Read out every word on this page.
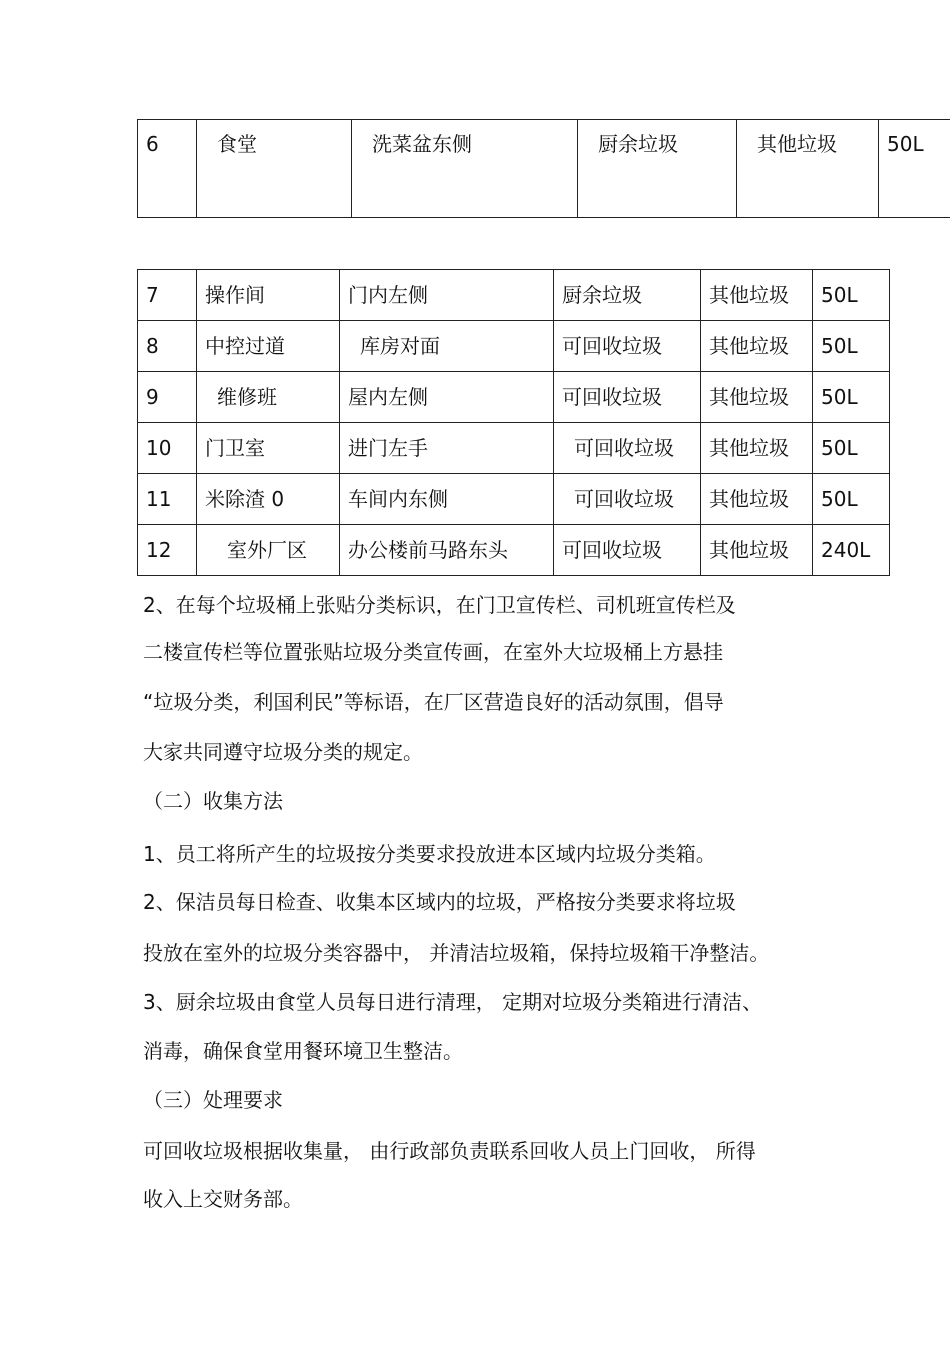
6	食堂	洗菜盆东侧	厨余垃圾	其他垃圾	50L
7	操作间	门内左侧	厨余垃圾	其他垃圾	50L
8	中控过道	库房对面	可回收垃圾	其他垃圾	50L
9	维修班	屋内左侧	可回收垃圾	其他垃圾	50L
10	门卫室	进门左手	可回收垃圾	其他垃圾	50L
11	米除渣 0	车间内东侧	可回收垃圾	其他垃圾	50L
12	室外厂区	办公楼前马路东头	可回收垃圾	其他垃圾	240L

2、在每个垃圾桶上张贴分类标识，在门卫宣传栏、司机班宣传栏及

二楼宣传栏等位置张贴垃圾分类宣传画，在室外大垃圾桶上方悬挂

“垃圾分类，利国利民”等标语，在厂区营造良好的活动氛围，倡导

大家共同遵守垃圾分类的规定。

（二）收集方法

1、员工将所产生的垃圾按分类要求投放进本区域内垃圾分类箱。

2、保洁员每日检查、收集本区域内的垃圾，严格按分类要求将垃圾

投放在室外的垃圾分类容器中， 并清洁垃圾箱，保持垃圾箱干净整洁。

3、厨余垃圾由食堂人员每日进行清理， 定期对垃圾分类箱进行清洁、

消毒，确保食堂用餐环境卫生整洁。

（三）处理要求

可回收垃圾根据收集量， 由行政部负责联系回收人员上门回收， 所得

收入上交财务部。
